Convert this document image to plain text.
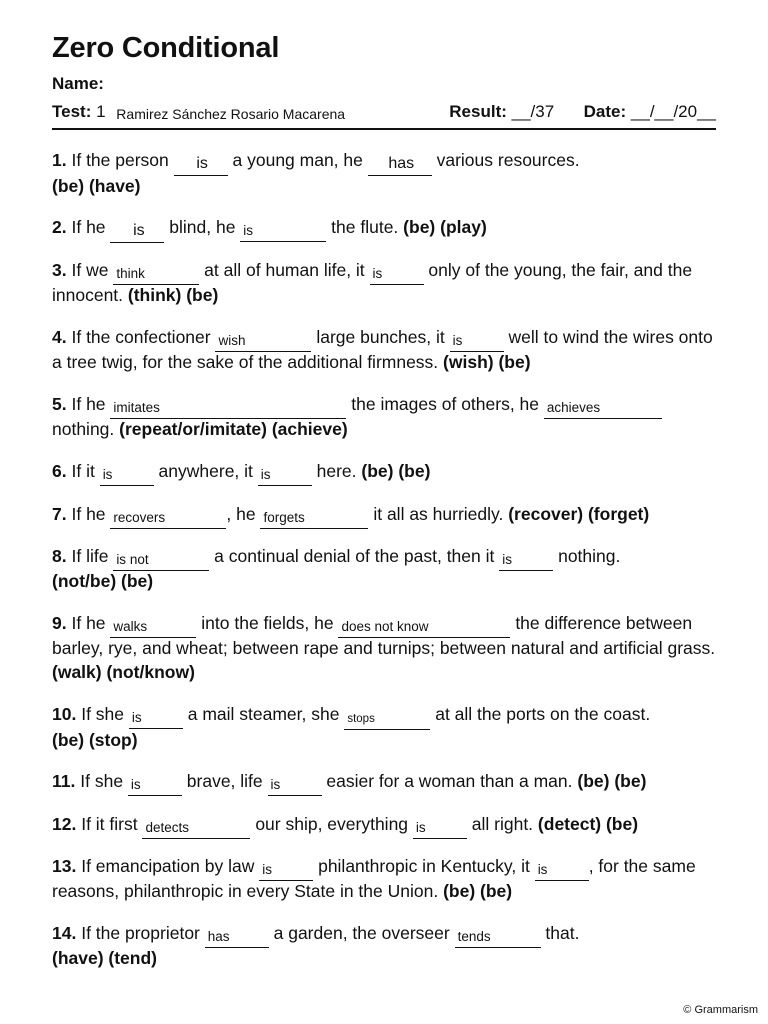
Zero Conditional
Name:
Test: 1 Ramirez Sánchez Rosario Macarena	Result: __/37 Date: __/__/20__
1. If the person is a young man, he has various resources.
(be) (have)
2. If he is blind, he is	the flute. (be) (play)
3. If we think	at all of human life, it is only of the young, the fair, and the innocent. (think) (be)
4. If the confectioner wish	large bunches, it is well to wind the wires onto a tree twig, for the sake of the additional firmness. (wish) (be)
5. If he imitates	the images of others, he achieves
nothing. (repeat/or/imitate) (achieve)
6. If it is anywhere, it is here. (be) (be)
7. If he recovers	, he forgets	it all as hurriedly. (recover) (forget)
8. If life is not	a continual denial of the past, then it is nothing.
(not/be) (be)
9. If he walks	into the fields, he does not know	the difference between barley, rye, and wheat; between rape and turnips; between natural and artificial grass. (walk) (not/know)
10. If she is a mail steamer, she stops	at all the ports on the coast.
(be) (stop)
11. If she is brave, life is easier for a woman than a man. (be) (be)
12. If it first detects	our ship, everything is all right. (detect) (be)
13. If emancipation by law is philanthropic in Kentucky, it is , for the same reasons, philanthropic in every State in the Union. (be) (be)
14. If the proprietor has a garden, the overseer tends	that.
(have) (tend)
© Grammarism
